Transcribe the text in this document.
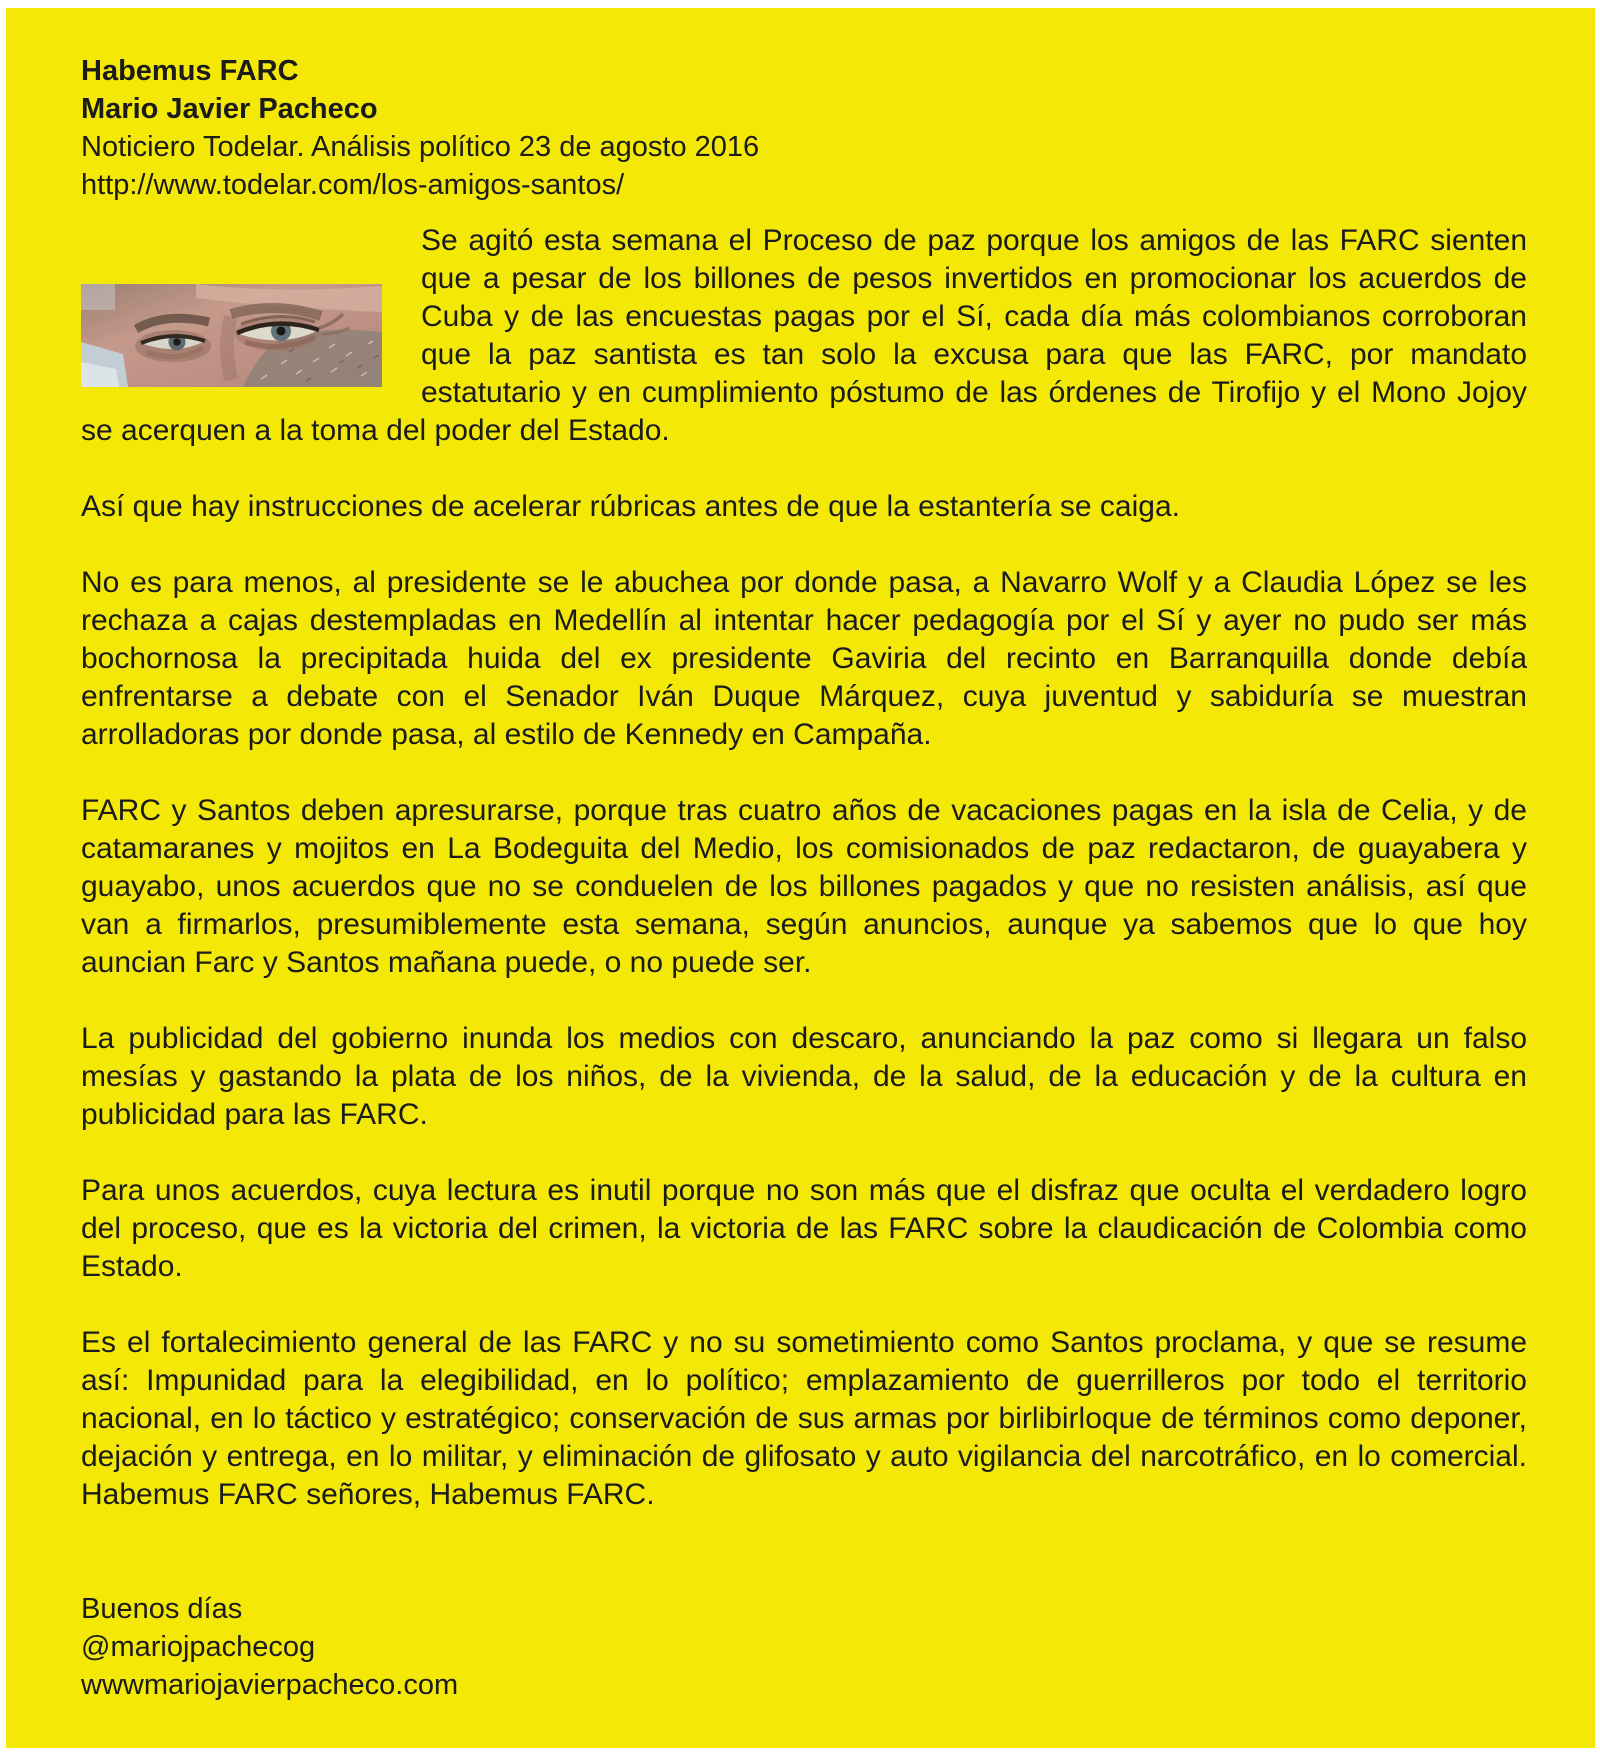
Habemus FARC
Mario Javier Pacheco
Noticiero Todelar. Análisis político 23 de agosto 2016
http://www.todelar.com/los-amigos-santos/
Se agitó esta semana el Proceso de paz porque los amigos de las FARC sienten que a pesar de los billones de pesos invertidos en promocionar los acuerdos de Cuba y de las encuestas pagas por el Sí, cada día más colombianos corroboran que la paz santista es tan solo la excusa para que las FARC, por mandato estatutario y en cumplimiento póstumo de las órdenes de Tirofijo y el Mono Jojoy se acerquen a la toma del poder del Estado.
Así que hay instrucciones de acelerar rúbricas antes de que la estantería se caiga.
No es para menos, al presidente se le abuchea por donde pasa, a Navarro Wolf y a Claudia López se les rechaza a cajas destempladas en Medellín al intentar hacer pedagogía por el Sí y ayer no pudo ser más bochornosa la precipitada huida del ex presidente Gaviria del recinto en Barranquilla donde debía enfrentarse a debate con el Senador Iván Duque Márquez, cuya juventud y sabiduría se muestran arrolladoras por donde pasa, al estilo de Kennedy en Campaña.
FARC y Santos deben apresurarse, porque tras cuatro años de vacaciones pagas en la isla de Celia, y de catamaranes y mojitos en La Bodeguita del Medio, los comisionados de paz redactaron, de guayabera y guayabo, unos acuerdos que no se conduelen de los billones pagados y que no resisten análisis, así que van a firmarlos, presumiblemente esta semana, según anuncios, aunque ya sabemos que lo que hoy auncian Farc y Santos mañana puede, o no puede ser.
La publicidad del gobierno inunda los medios con descaro, anunciando la paz como si llegara un falso mesías y gastando la plata de los niños, de la vivienda, de la salud, de la educación y de la cultura en publicidad para las FARC.
Para unos acuerdos, cuya lectura es inutil porque no son más que el disfraz que oculta el verdadero logro del proceso, que es la victoria del crimen, la victoria de las FARC sobre la claudicación de Colombia como Estado.
Es el fortalecimiento general de las FARC y no su sometimiento como Santos proclama, y que se resume así: Impunidad para la elegibilidad, en lo político; emplazamiento de guerrilleros por todo el territorio nacional, en lo táctico y estratégico; conservación de sus armas por birlibirloque de términos como deponer, dejación y entrega, en lo militar, y eliminación de glifosato y auto vigilancia del narcotráfico, en lo comercial. Habemus FARC señores, Habemus FARC.
Buenos días
@mariojpachecog
wwwmariojavierpacheco.com
